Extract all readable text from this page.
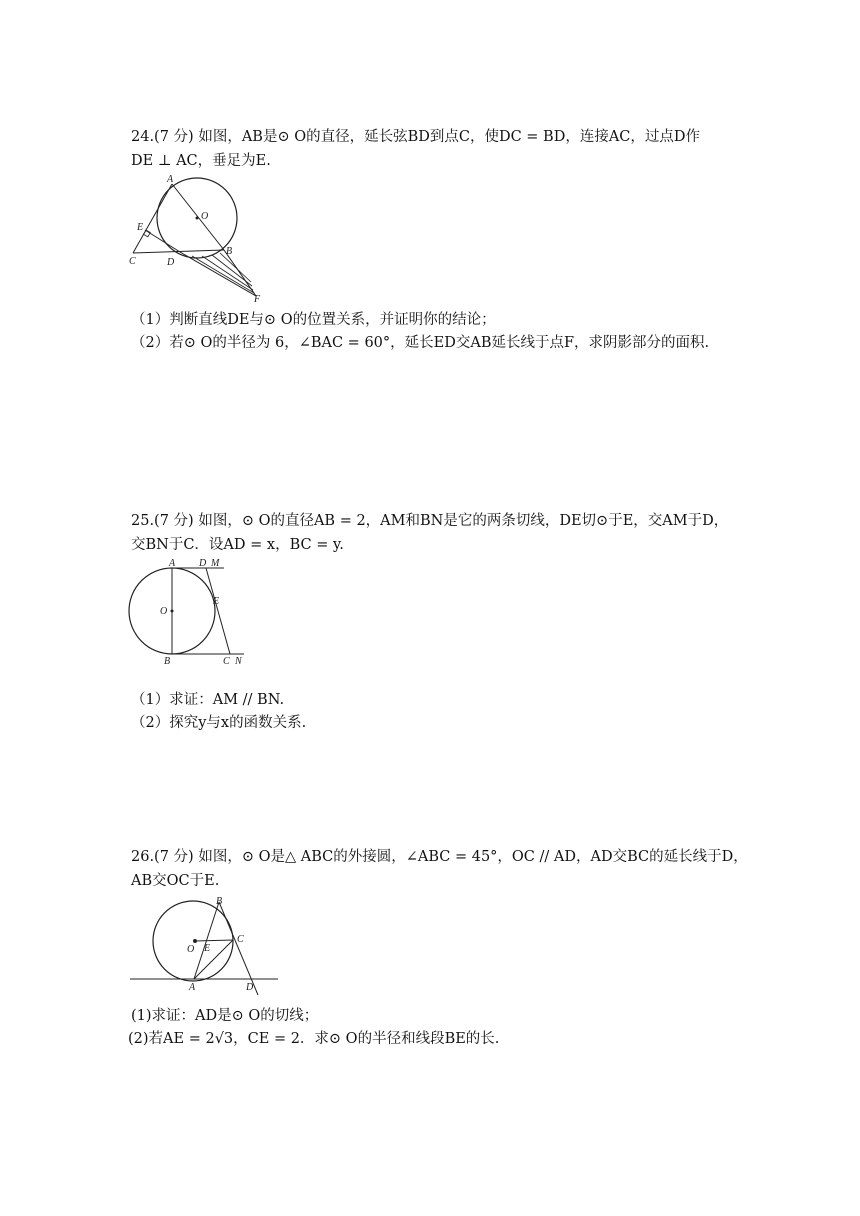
24.(7 分) 如图，AB是⊙ O的直径，延长弦BD到点C，使DC = BD，连接AC，过点D作
DE ⊥ AC，垂足为E.
A
O
E
B
C	D
F
（1）判断直线DE与⊙ O的位置关系，并证明你的结论；
（2）若⊙ O的半径为 6，∠BAC = 60°，延长ED交AB延长线于点F，求阴影部分的面积.
25.(7 分) 如图，⊙ O的直径AB = 2，AM和BN是它的两条切线，DE切⊙于E，交AM于D，
交BN于C．设AD = x，BC = y.
A D M
O
E
B	C N
（1）求证：AM // BN.
（2）探究y与x的函数关系.
26.(7 分) 如图，⊙ O是△ ABC的外接圆，∠ABC = 45°，OC // AD，AD交BC的延长线于D，
AB交OC于E.
B
C
O E
A	D
(1)求证：AD是⊙ O的切线；
(2)若AE = 2√3，CE = 2．求⊙ O的半径和线段BE的长.
